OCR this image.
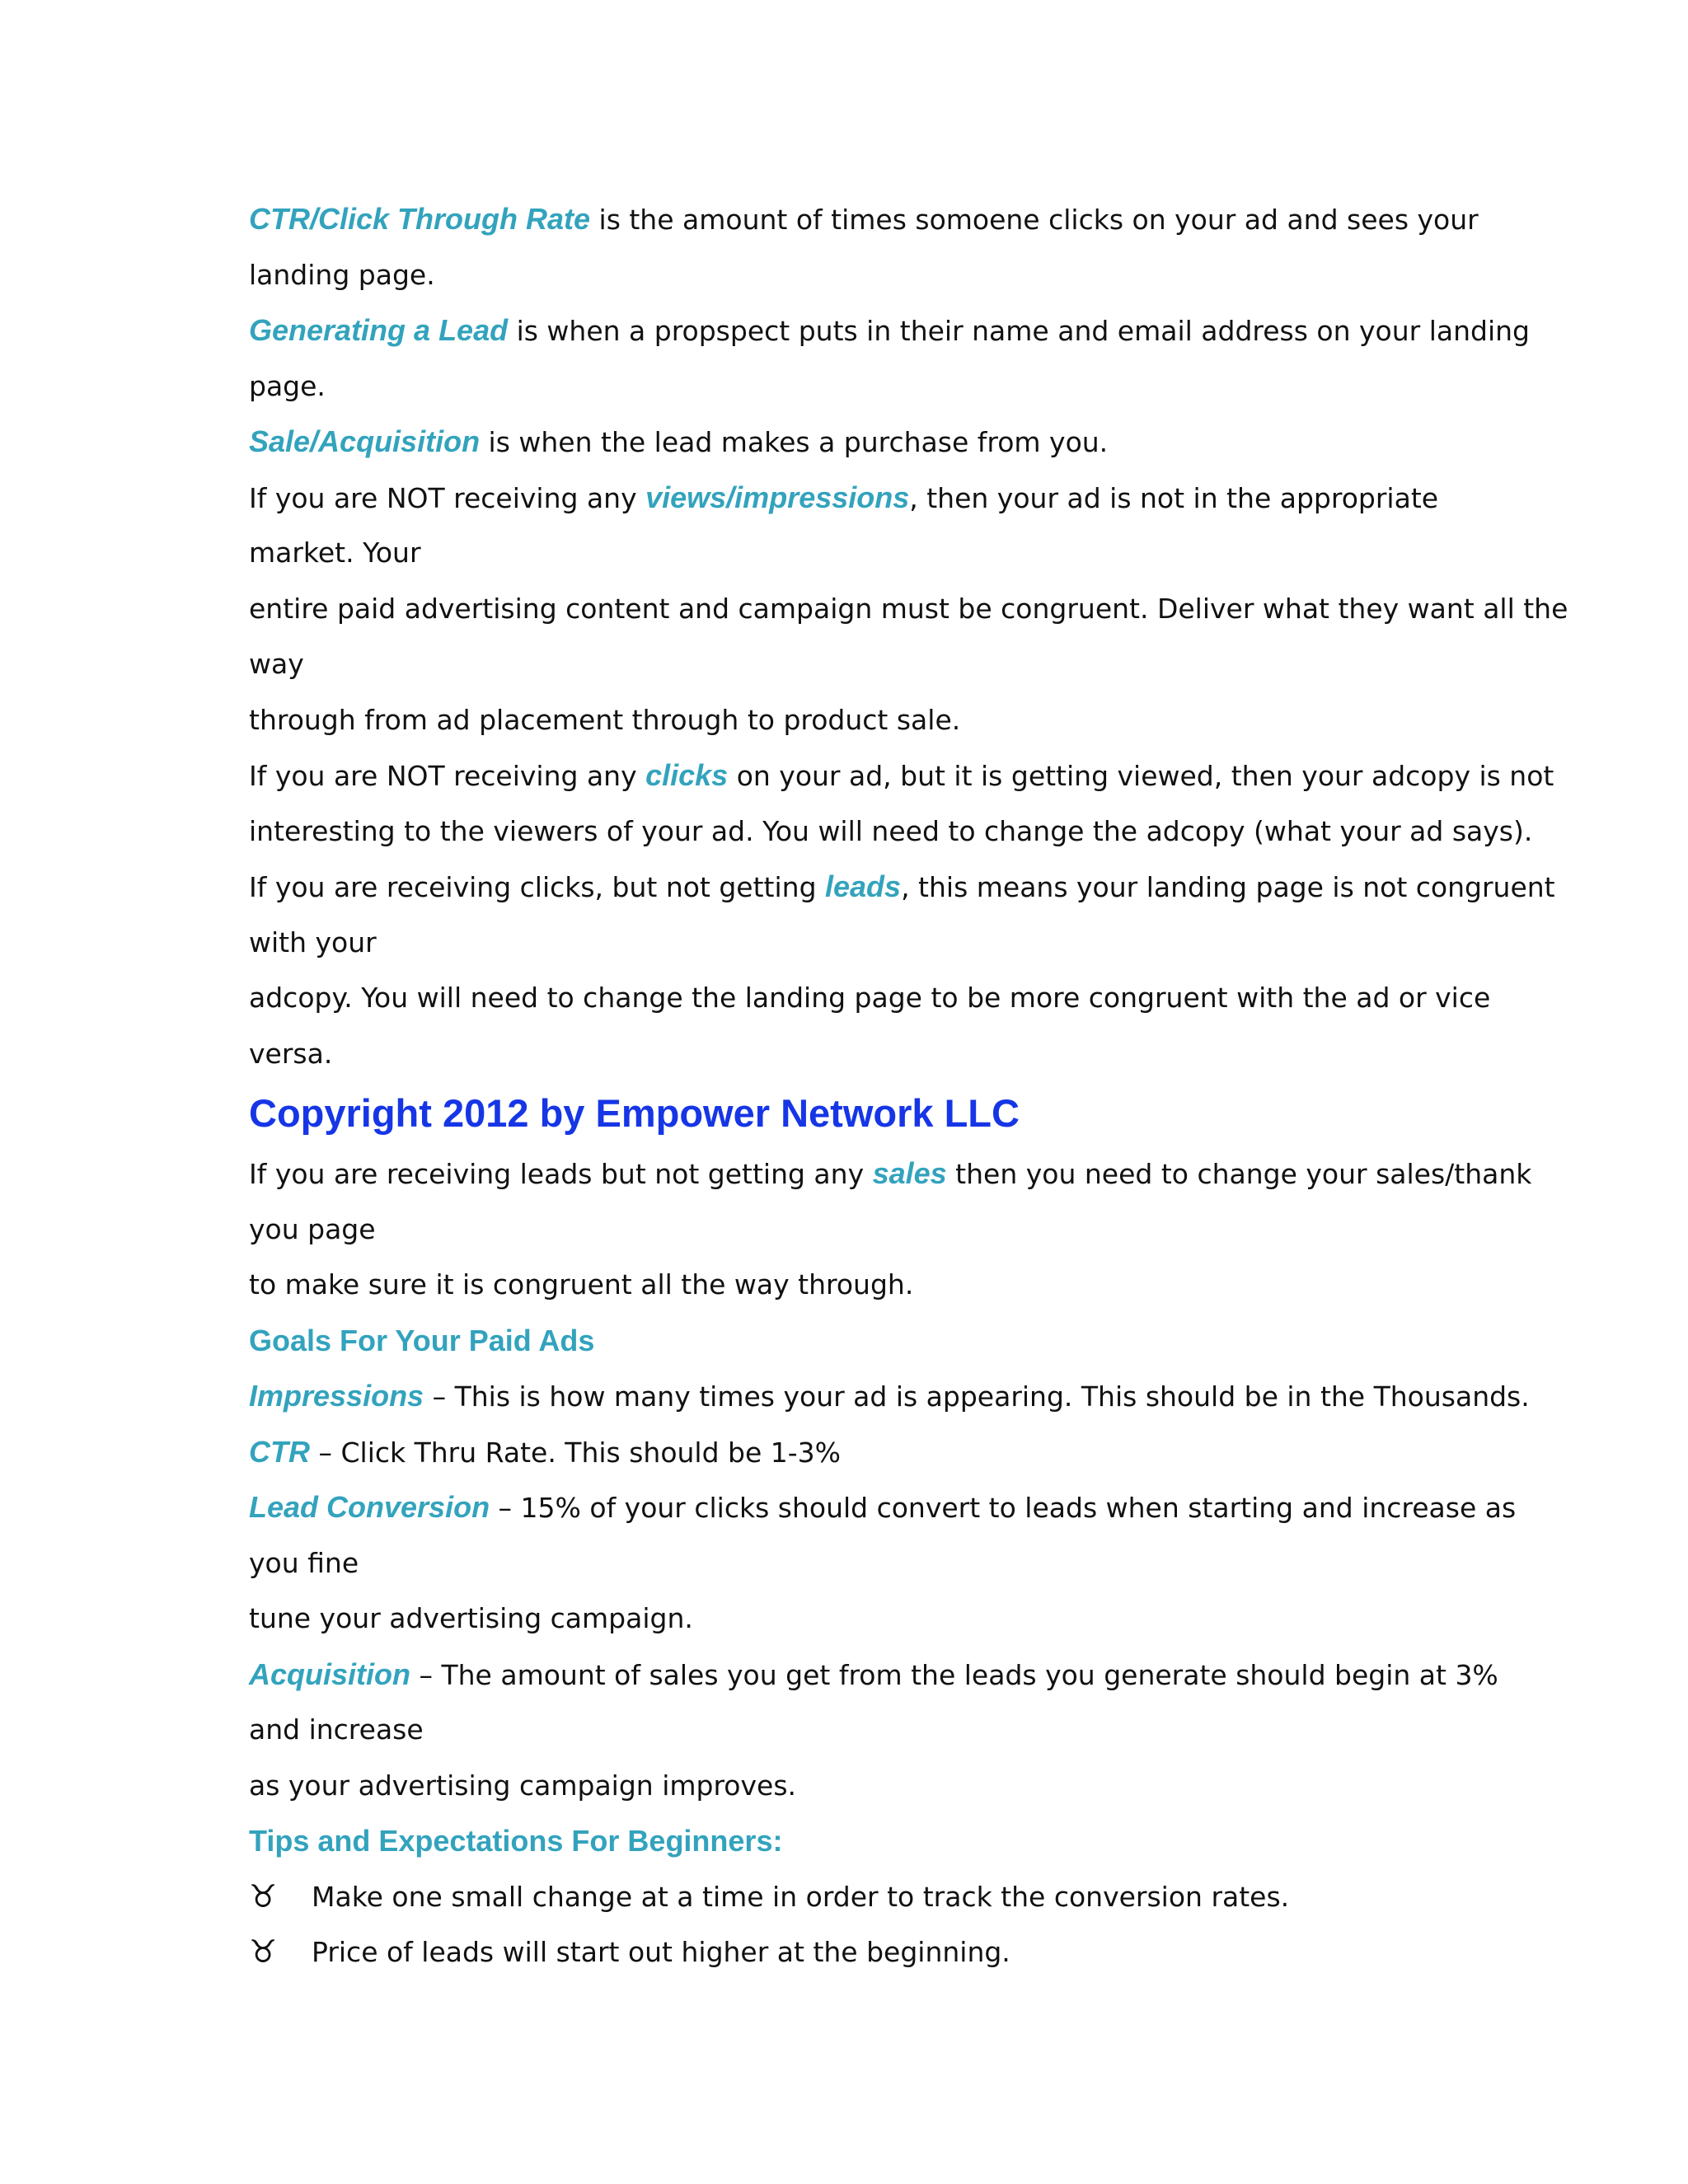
CTR/Click Through Rate is the amount of times somoene clicks on your ad and sees your
landing page.
Generating a Lead is when a propspect puts in their name and email address on your landing
page.
Sale/Acquisition is when the lead makes a purchase from you.
If you are NOT receiving any views/impressions, then your ad is not in the appropriate
market. Your
entire paid advertising content and campaign must be congruent. Deliver what they want all the
way
through from ad placement through to product sale.
If you are NOT receiving any clicks on your ad, but it is getting viewed, then your adcopy is not
interesting to the viewers of your ad. You will need to change the adcopy (what your ad says).
If you are receiving clicks, but not getting leads, this means your landing page is not congruent
with your
adcopy. You will need to change the landing page to be more congruent with the ad or vice
versa.
Copyright 2012 by Empower Network LLC
If you are receiving leads but not getting any sales then you need to change your sales/thank
you page
to make sure it is congruent all the way through.
Goals For Your Paid Ads
Impressions – This is how many times your ad is appearing. This should be in the Thousands.
CTR – Click Thru Rate. This should be 1-3%
Lead Conversion – 15% of your clicks should convert to leads when starting and increase as
you fine
tune your advertising campaign.
Acquisition – The amount of sales you get from the leads you generate should begin at 3%
and increase
as your advertising campaign improves.
Tips and Expectations For Beginners:
♉	Make one small change at a time in order to track the conversion rates.
♉	Price of leads will start out higher at the beginning.
